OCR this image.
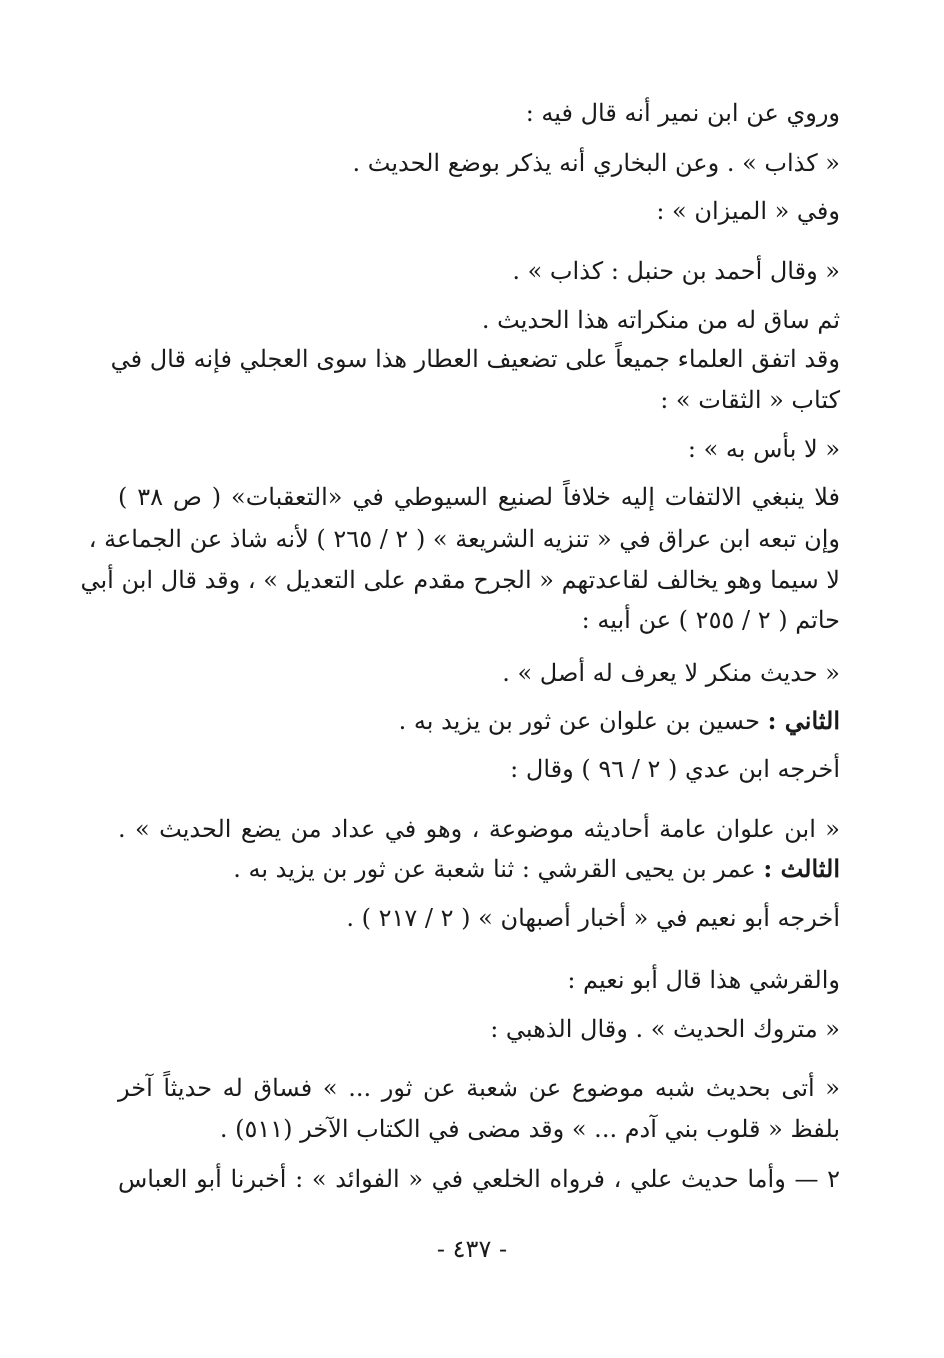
وروي عن ابن نمير أنه قال فيه :
« كذاب » . وعن البخاري أنه يذكر بوضع الحديث .
وفي « الميزان » :
« وقال أحمد بن حنبل : كذاب » .
ثم ساق له من منكراته هذا الحديث .
وقد اتفق العلماء جميعاً على تضعيف العطار هذا سوى العجلي فإنه قال في
كتاب « الثقات » :
« لا بأس به » :
فلا ينبغي الالتفات إليه خلافاً لصنيع السيوطي في «التعقبات» ( ص ٣٨ )
وإن تبعه ابن عراق في « تنزيه الشريعة » ( ٢ / ٢٦٥ ) لأنه شاذ عن الجماعة ،
لا سيما وهو يخالف لقاعدتهم « الجرح مقدم على التعديل » ، وقد قال ابن أبي
حاتم ( ٢ / ٢٥٥ ) عن أبيه :
« حديث منكر لا يعرف له أصل » .
الثاني : حسين بن علوان عن ثور بن يزيد به .
أخرجه ابن عدي ( ٢ / ٩٦ ) وقال :
« ابن علوان عامة أحاديثه موضوعة ، وهو في عداد من يضع الحديث » .
الثالث : عمر بن يحيى القرشي : ثنا شعبة عن ثور بن يزيد به .
أخرجه أبو نعيم في « أخبار أصبهان » ( ٢ / ٢١٧ ) .
والقرشي هذا قال أبو نعيم :
« متروك الحديث » . وقال الذهبي :
« أتى بحديث شبه موضوع عن شعبة عن ثور ... » فساق له حديثاً آخر
بلفظ « قلوب بني آدم ... » وقد مضى في الكتاب الآخر (٥١١) .
٢ — وأما حديث علي ، فرواه الخلعي في « الفوائد » : أخبرنا أبو العباس
- ٤٣٧ -
